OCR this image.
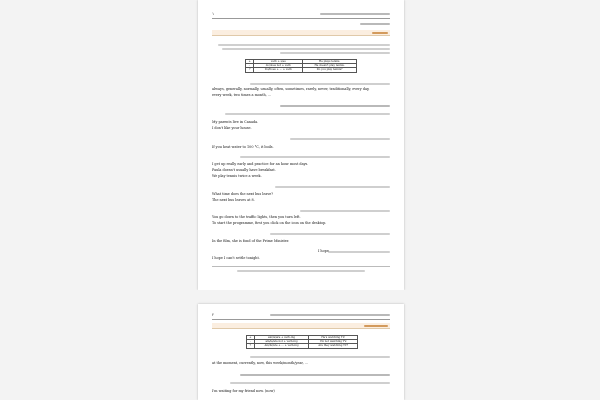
۱
+	verb + s/es	He plays tennis.
-	do/does not + verb	He doesn't play tennis.
?	Do/Does + ... + verb	Do you play tennis?
always, generally, normally, usually, often, sometimes, rarely, never, traditionally, every day,
every week, two times a month, ...
My parents live in Canada.
I don't like your house.
If you heat water to 100 °C, it boils.
I get up really early and practice for an hour most days.
Paula doesn't usually have breakfast.
We play tennis twice a week.
What time does the next bus leave?
The next bus leaves at 8.
You go down to the traffic lights, then you turn left.
To start the programme, first you click on the icon on the desktop.
In the film, she is fond of the Prime Minister.
I hope
I hope I can't settle tonight.
۲
+	am/is/are + verb-ing	He's watching TV.
-	am/is/are not + verb-ing	I'm not watching TV.
?	Am/Is/Are + ... + verb-ing	Are they watching TV?
at the moment, currently, now, this week/month/year, ...
I'm waiting for my friend now. (now)
